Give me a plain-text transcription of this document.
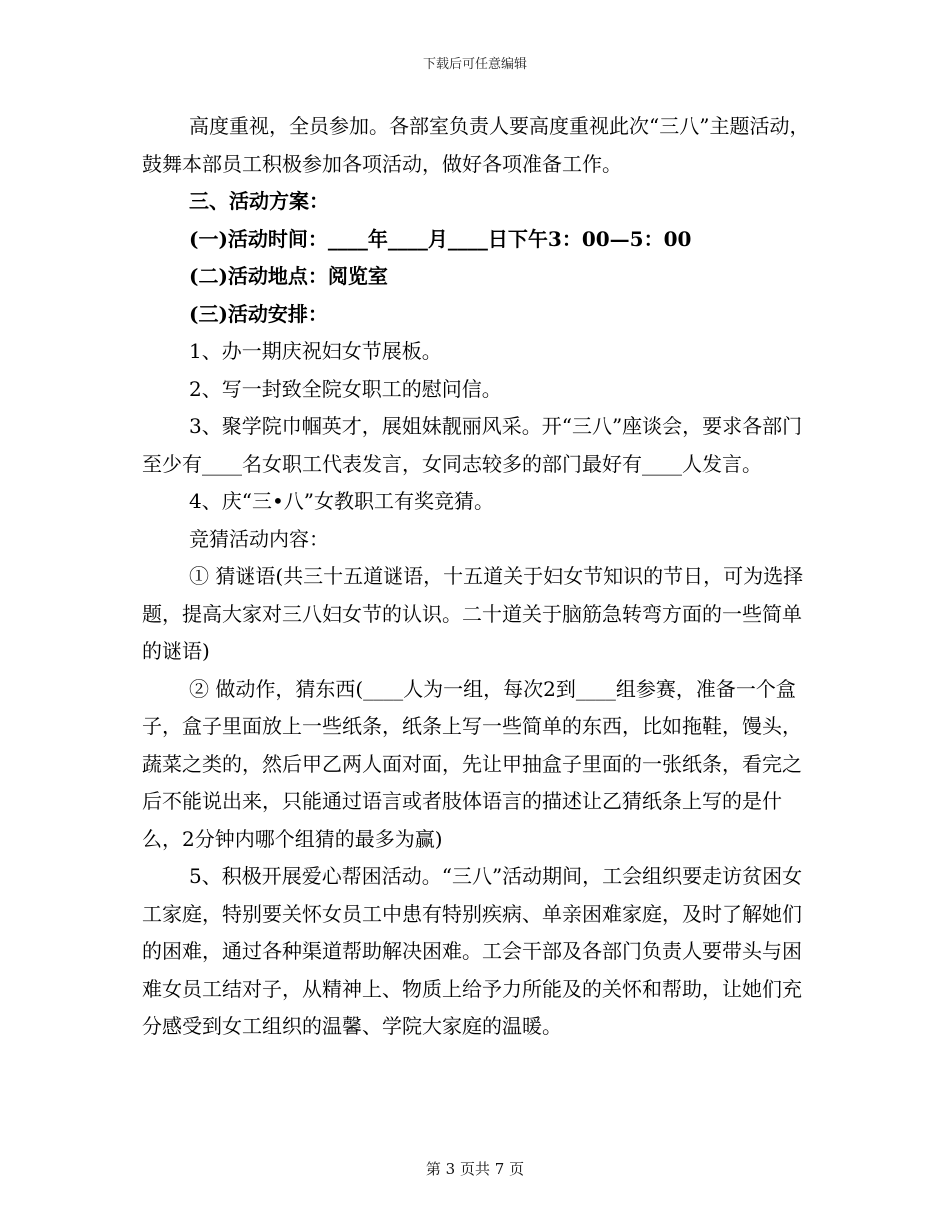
下载后可任意编辑

高度重视，全员参加。各部室负责人要高度重视此次“三八”主题活动，鼓舞本部员工积极参加各项活动，做好各项准备工作。

三、活动方案：

(一)活动时间：____年____月____日下午3：00—5：00

(二)活动地点：阅览室

(三)活动安排：

1、办一期庆祝妇女节展板。

2、写一封致全院女职工的慰问信。

3、聚学院巾帼英才，展姐妹靓丽风采。开“三八”座谈会，要求各部门至少有____名女职工代表发言，女同志较多的部门最好有____人发言。

4、庆“三•八”女教职工有奖竞猜。

竞猜活动内容：

① 猜谜语(共三十五道谜语，十五道关于妇女节知识的节日，可为选择题，提高大家对三八妇女节的认识。二十道关于脑筋急转弯方面的一些简单的谜语)

② 做动作，猜东西(____人为一组，每次2到____组参赛，准备一个盒子，盒子里面放上一些纸条，纸条上写一些简单的东西，比如拖鞋，馒头，蔬菜之类的，然后甲乙两人面对面，先让甲抽盒子里面的一张纸条，看完之后不能说出来，只能通过语言或者肢体语言的描述让乙猜纸条上写的是什么，2分钟内哪个组猜的最多为赢)

5、积极开展爱心帮困活动。“三八”活动期间，工会组织要走访贫困女工家庭，特别要关怀女员工中患有特别疾病、单亲困难家庭，及时了解她们的困难，通过各种渠道帮助解决困难。工会干部及各部门负责人要带头与困难女员工结对子，从精神上、物质上给予力所能及的关怀和帮助，让她们充分感受到女工组织的温馨、学院大家庭的温暖。

第 3 页共 7 页
